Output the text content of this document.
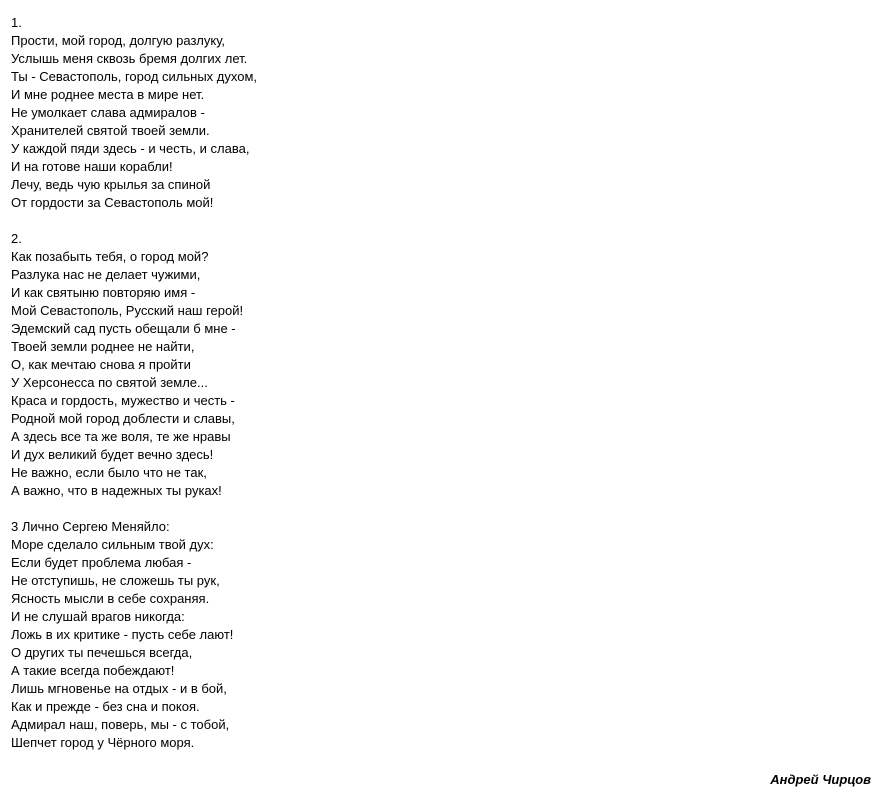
1.
Прости, мой город, долгую разлуку,
Услышь меня сквозь бремя долгих лет.
Ты - Севастополь, город сильных духом,
И мне роднее места в мире нет.
Не умолкает слава адмиралов -
Хранителей святой твоей земли.
У каждой пяди здесь - и честь, и слава,
И на готове наши корабли!
Лечу, ведь чую крылья за спиной
От гордости за Севастополь мой!
2.
Как позабыть тебя, о город мой?
Разлука нас не делает чужими,
И как святыню повторяю имя -
Мой Севастополь, Русский наш герой!
Эдемский сад пусть обещали б мне -
Твоей земли роднее не найти,
О, как мечтаю снова я пройти
У Херсонесса по святой земле...
Краса и гордость, мужество и честь -
Родной мой город доблести и славы,
А здесь все та же воля, те же нравы
И дух великий будет вечно здесь!
Не важно, если было что не так,
А важно, что в надежных ты руках!
3 Лично Сергею Меняйло:
Море сделало сильным твой дух:
Если будет проблема любая -
Не отступишь, не сложешь ты рук,
Ясность мысли в себе сохраняя.
И не слушай врагов никогда:
Ложь в их критике - пусть себе лают!
О других ты печешься всегда,
А такие всегда побеждают!
Лишь мгновенье на отдых - и в бой,
Как и прежде - без сна и покоя.
Адмирал наш, поверь, мы - с тобой,
Шепчет город у Чёрного моря.
Андрей Чирцов
